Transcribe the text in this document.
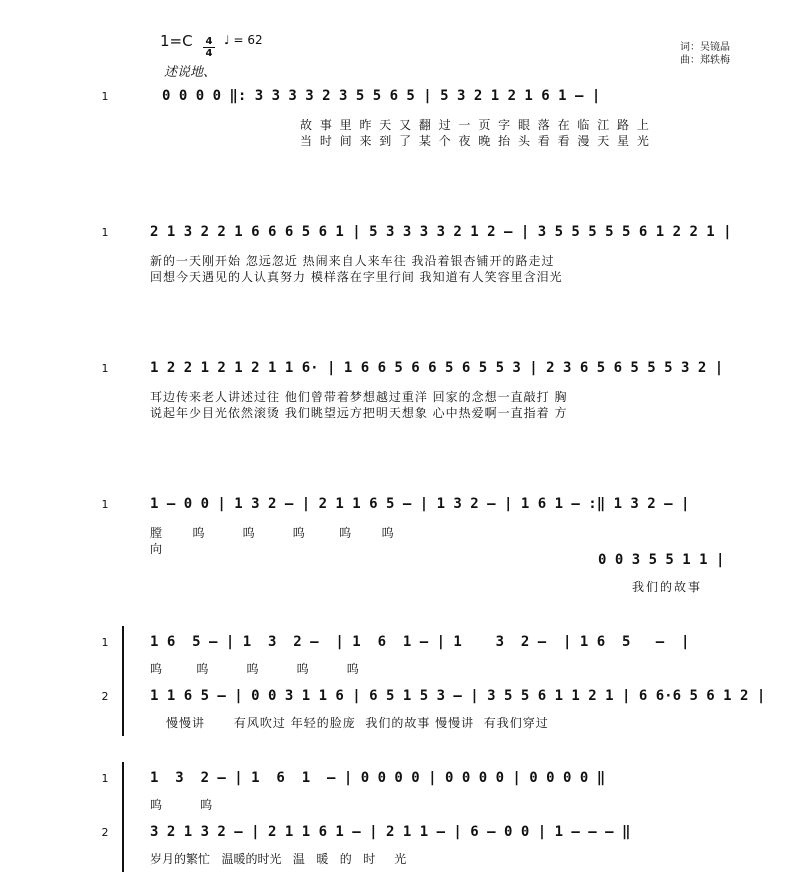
1=C 4
4
♩ = 62
述说地、
词：吴镜晶
曲：郑轶梅
1	0 0 0 0 ‖: 3 3 3 3 2 3 5 5 6 5 | 5 3 2 1 2 1 6 1 – |
故 事 里 昨 天 又 翻 过 一 页 字 眼 落 在 临 江 路 上
当 时 间 来 到 了 某 个 夜 晚 抬 头 看 看 漫 天 星 光
1	2 1 3 2 2 1 6 6 6 5 6 1 | 5 3 3 3 3 2 1 2 – | 3 5 5 5 5 5 6 1 2 2 1 |
新的一天刚开始 忽远忽近 热闹来自人来车往 我沿着银杏铺开的路走过
回想今天遇见的人认真努力 模样落在字里行间 我知道有人笑容里含泪光
1	1 2 2 1 2 1 2 1 1 6· | 1 6 6 5 6 6 5 6 5 5 3 | 2 3 6 5 6 5 5 5 3 2 |
耳边传来老人讲述过往 他们曾带着梦想越过重洋 回家的念想一直敲打 胸
说起年少目光依然滚烫 我们眺望远方把明天想象 心中热爱啊一直指着 方
1	1 – 0 0 | 1 3 2 – | 2 1 1 6 5 – | 1 3 2 – | 1 6 1 – :‖ 1 3 2 – |
膛        呜          呜          呜         呜        呜
向
0 0 3 5 5 1 1 |
我们的故事
1	1 6  5 – | 1  3  2 –  | 1  6  1 – | 1    3  2 –  | 1 6  5   –  |
呜         呜          呜          呜          呜
2	1 1 6 5 – | 0 0 3 1 1 6 | 6 5 1 5 3 – | 3 5 5 6 1 1 2 1 | 6 6·6 5 6 1 2 |
慢慢讲      有风吹过 年轻的脸庞  我们的故事 慢慢讲  有我们穿过
1	1  3  2 – | 1  6  1  – | 0 0 0 0 | 0 0 0 0 | 0 0 0 0 ‖
呜          呜
2	3 2 1 3 2 – | 2 1 1 6 1 – | 2 1 1 – | 6 – 0 0 | 1 – – – ‖
岁月的繁忙   温暖的时光   温   暖   的   时     光
